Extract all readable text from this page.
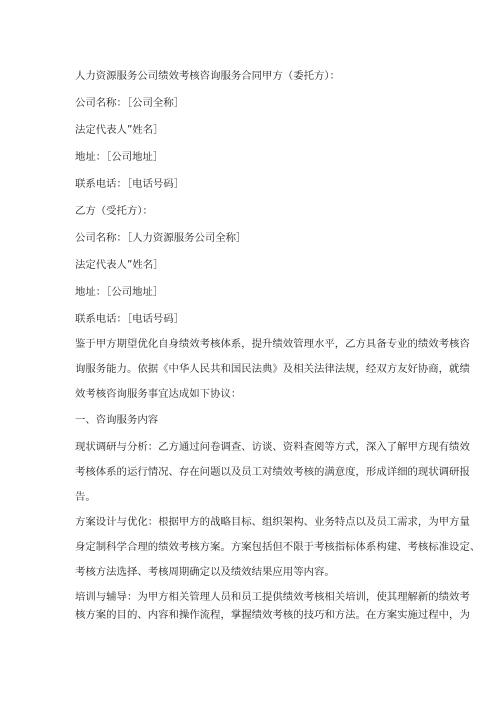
人力资源服务公司绩效考核咨询服务合同甲方（委托方）：

公司名称：［公司全称］

法定代表人”姓名］

地址：［公司地址］

联系电话：［电话号码］

乙方（受托方）：

公司名称：［人力资源服务公司全称］

法定代表人”姓名］

地址：［公司地址］

联系电话：［电话号码］

鉴于甲方期望优化自身绩效考核体系，提升绩效管理水平，乙方具备专业的绩效考核咨

询服务能力。依据《中华人民共和国民法典》及相关法律法规，经双方友好协商，就绩

效考核咨询服务事宜达成如下协议：

一、咨询服务内容

现状调研与分析：乙方通过问卷调查、访谈、资料查阅等方式，深入了解甲方现有绩效

考核体系的运行情况、存在问题以及员工对绩效考核的满意度，形成详细的现状调研报

告。

方案设计与优化：根据甲方的战略目标、组织架构、业务特点以及员工需求，为甲方量

身定制科学合理的绩效考核方案。方案包括但不限于考核指标体系构建、考核标准设定、

考核方法选择、考核周期确定以及绩效结果应用等内容。

培训与辅导：为甲方相关管理人员和员工提供绩效考核相关培训，使其理解新的绩效考

核方案的目的、内容和操作流程，掌握绩效考核的技巧和方法。在方案实施过程中，为
